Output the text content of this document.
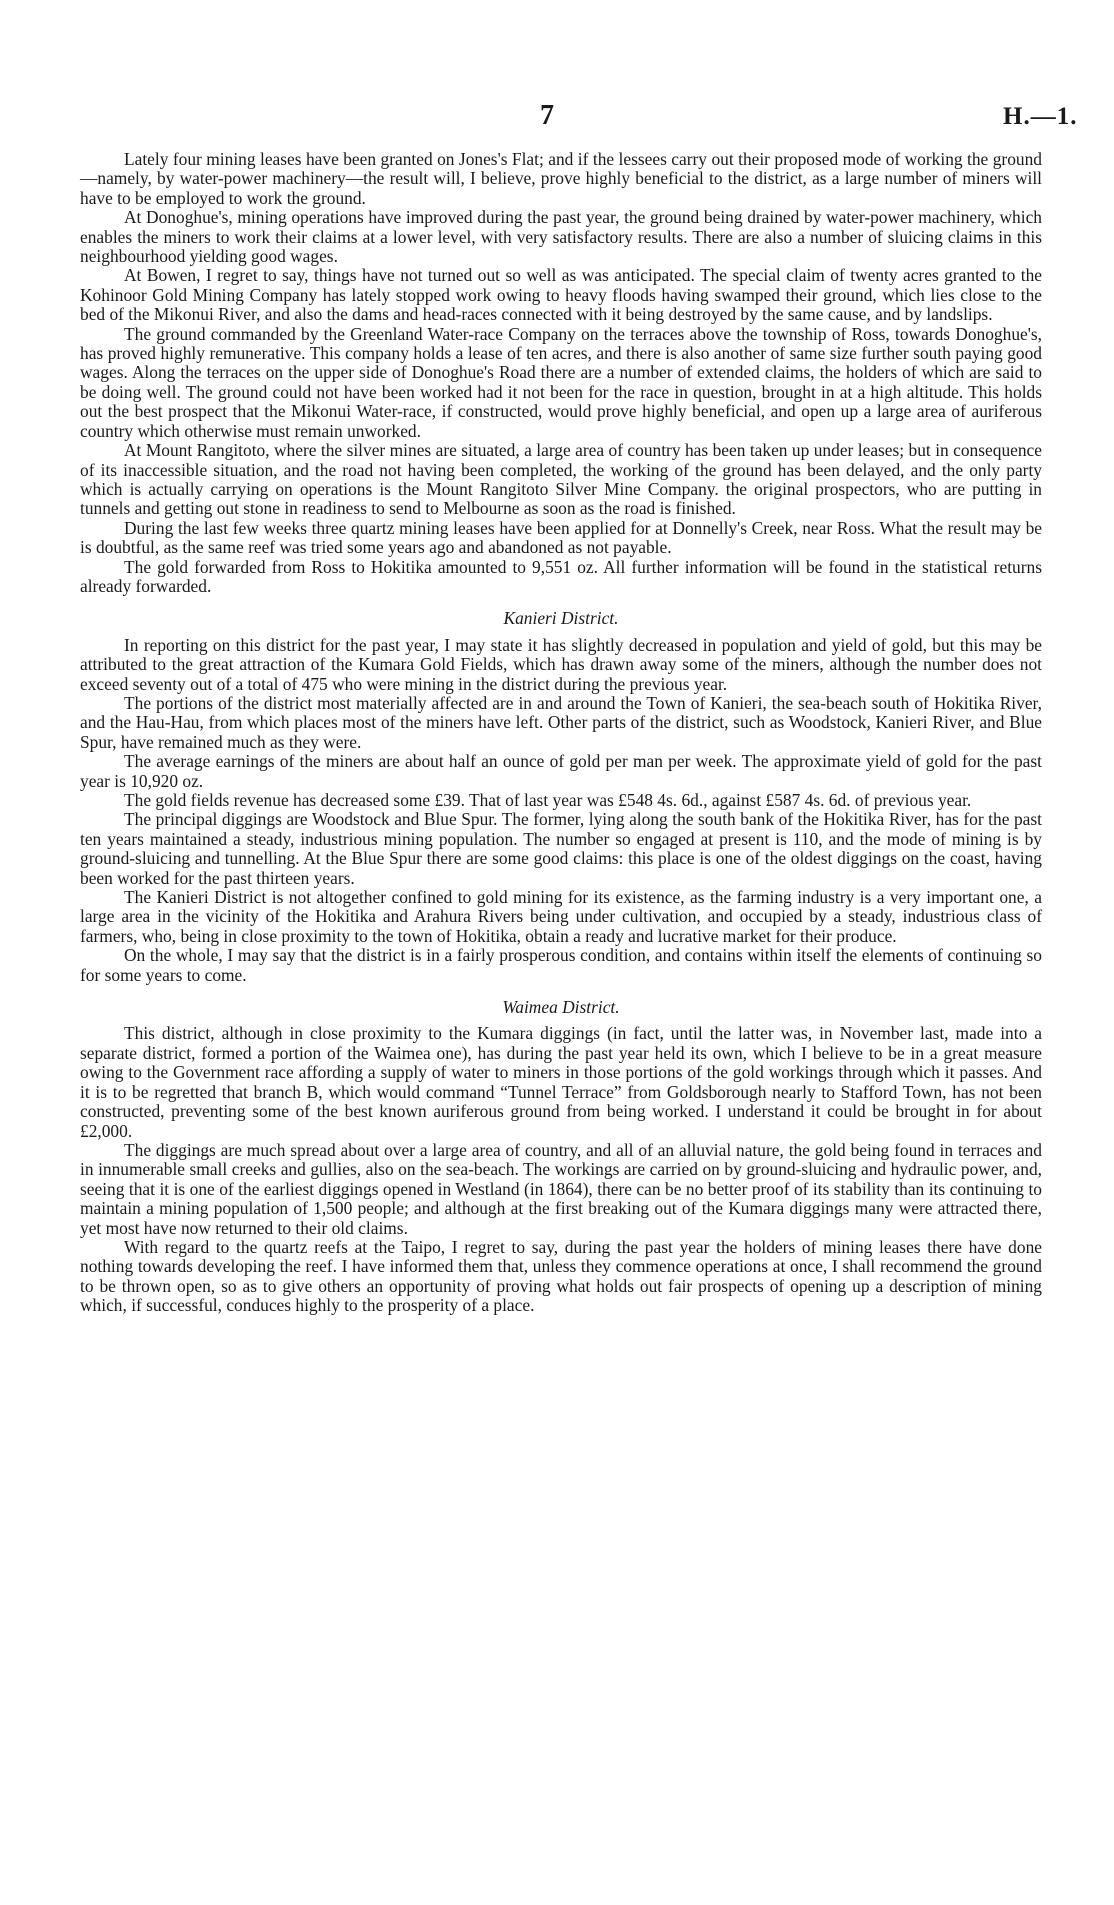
7	H.—1.

Lately four mining leases have been granted on Jones's Flat; and if the lessees carry out their proposed mode of working the ground—namely, by water-power machinery—the result will, I believe, prove highly beneficial to the district, as a large number of miners will have to be employed to work the ground.

At Donoghue's, mining operations have improved during the past year, the ground being drained by water-power machinery, which enables the miners to work their claims at a lower level, with very satisfactory results. There are also a number of sluicing claims in this neighbourhood yielding good wages.

At Bowen, I regret to say, things have not turned out so well as was anticipated. The special claim of twenty acres granted to the Kohinoor Gold Mining Company has lately stopped work owing to heavy floods having swamped their ground, which lies close to the bed of the Mikonui River, and also the dams and head-races connected with it being destroyed by the same cause, and by landslips.

The ground commanded by the Greenland Water-race Company on the terraces above the township of Ross, towards Donoghue's, has proved highly remunerative. This company holds a lease of ten acres, and there is also another of same size further south paying good wages. Along the terraces on the upper side of Donoghue's Road there are a number of extended claims, the holders of which are said to be doing well. The ground could not have been worked had it not been for the race in question, brought in at a high altitude. This holds out the best prospect that the Mikonui Water-race, if constructed, would prove highly beneficial, and open up a large area of auriferous country which otherwise must remain unworked.

At Mount Rangitoto, where the silver mines are situated, a large area of country has been taken up under leases; but in consequence of its inaccessible situation, and the road not having been completed, the working of the ground has been delayed, and the only party which is actually carrying on operations is the Mount Rangitoto Silver Mine Company. the original prospectors, who are putting in tunnels and getting out stone in readiness to send to Melbourne as soon as the road is finished.

During the last few weeks three quartz mining leases have been applied for at Donnelly's Creek, near Ross. What the result may be is doubtful, as the same reef was tried some years ago and abandoned as not payable.

The gold forwarded from Ross to Hokitika amounted to 9,551 oz. All further information will be found in the statistical returns already forwarded.

Kanieri District.

In reporting on this district for the past year, I may state it has slightly decreased in population and yield of gold, but this may be attributed to the great attraction of the Kumara Gold Fields, which has drawn away some of the miners, although the number does not exceed seventy out of a total of 475 who were mining in the district during the previous year.

The portions of the district most materially affected are in and around the Town of Kanieri, the sea-beach south of Hokitika River, and the Hau-Hau, from which places most of the miners have left. Other parts of the district, such as Woodstock, Kanieri River, and Blue Spur, have remained much as they were.

The average earnings of the miners are about half an ounce of gold per man per week. The approximate yield of gold for the past year is 10,920 oz.

The gold fields revenue has decreased some £39. That of last year was £548 4s. 6d., against £587 4s. 6d. of previous year.

The principal diggings are Woodstock and Blue Spur. The former, lying along the south bank of the Hokitika River, has for the past ten years maintained a steady, industrious mining population. The number so engaged at present is 110, and the mode of mining is by ground-sluicing and tunnelling. At the Blue Spur there are some good claims: this place is one of the oldest diggings on the coast, having been worked for the past thirteen years.

The Kanieri District is not altogether confined to gold mining for its existence, as the farming industry is a very important one, a large area in the vicinity of the Hokitika and Arahura Rivers being under cultivation, and occupied by a steady, industrious class of farmers, who, being in close proximity to the town of Hokitika, obtain a ready and lucrative market for their produce.

On the whole, I may say that the district is in a fairly prosperous condition, and contains within itself the elements of continuing so for some years to come.

Waimea District.

This district, although in close proximity to the Kumara diggings (in fact, until the latter was, in November last, made into a separate district, formed a portion of the Waimea one), has during the past year held its own, which I believe to be in a great measure owing to the Government race affording a supply of water to miners in those portions of the gold workings through which it passes. And it is to be regretted that branch B, which would command “Tunnel Terrace” from Goldsborough nearly to Stafford Town, has not been constructed, preventing some of the best known auriferous ground from being worked. I understand it could be brought in for about £2,000.

The diggings are much spread about over a large area of country, and all of an alluvial nature, the gold being found in terraces and in innumerable small creeks and gullies, also on the sea-beach. The workings are carried on by ground-sluicing and hydraulic power, and, seeing that it is one of the earliest diggings opened in Westland (in 1864), there can be no better proof of its stability than its continuing to maintain a mining population of 1,500 people; and although at the first breaking out of the Kumara diggings many were attracted there, yet most have now returned to their old claims.

With regard to the quartz reefs at the Taipo, I regret to say, during the past year the holders of mining leases there have done nothing towards developing the reef. I have informed them that, unless they commence operations at once, I shall recommend the ground to be thrown open, so as to give others an opportunity of proving what holds out fair prospects of opening up a description of mining which, if successful, conduces highly to the prosperity of a place.
